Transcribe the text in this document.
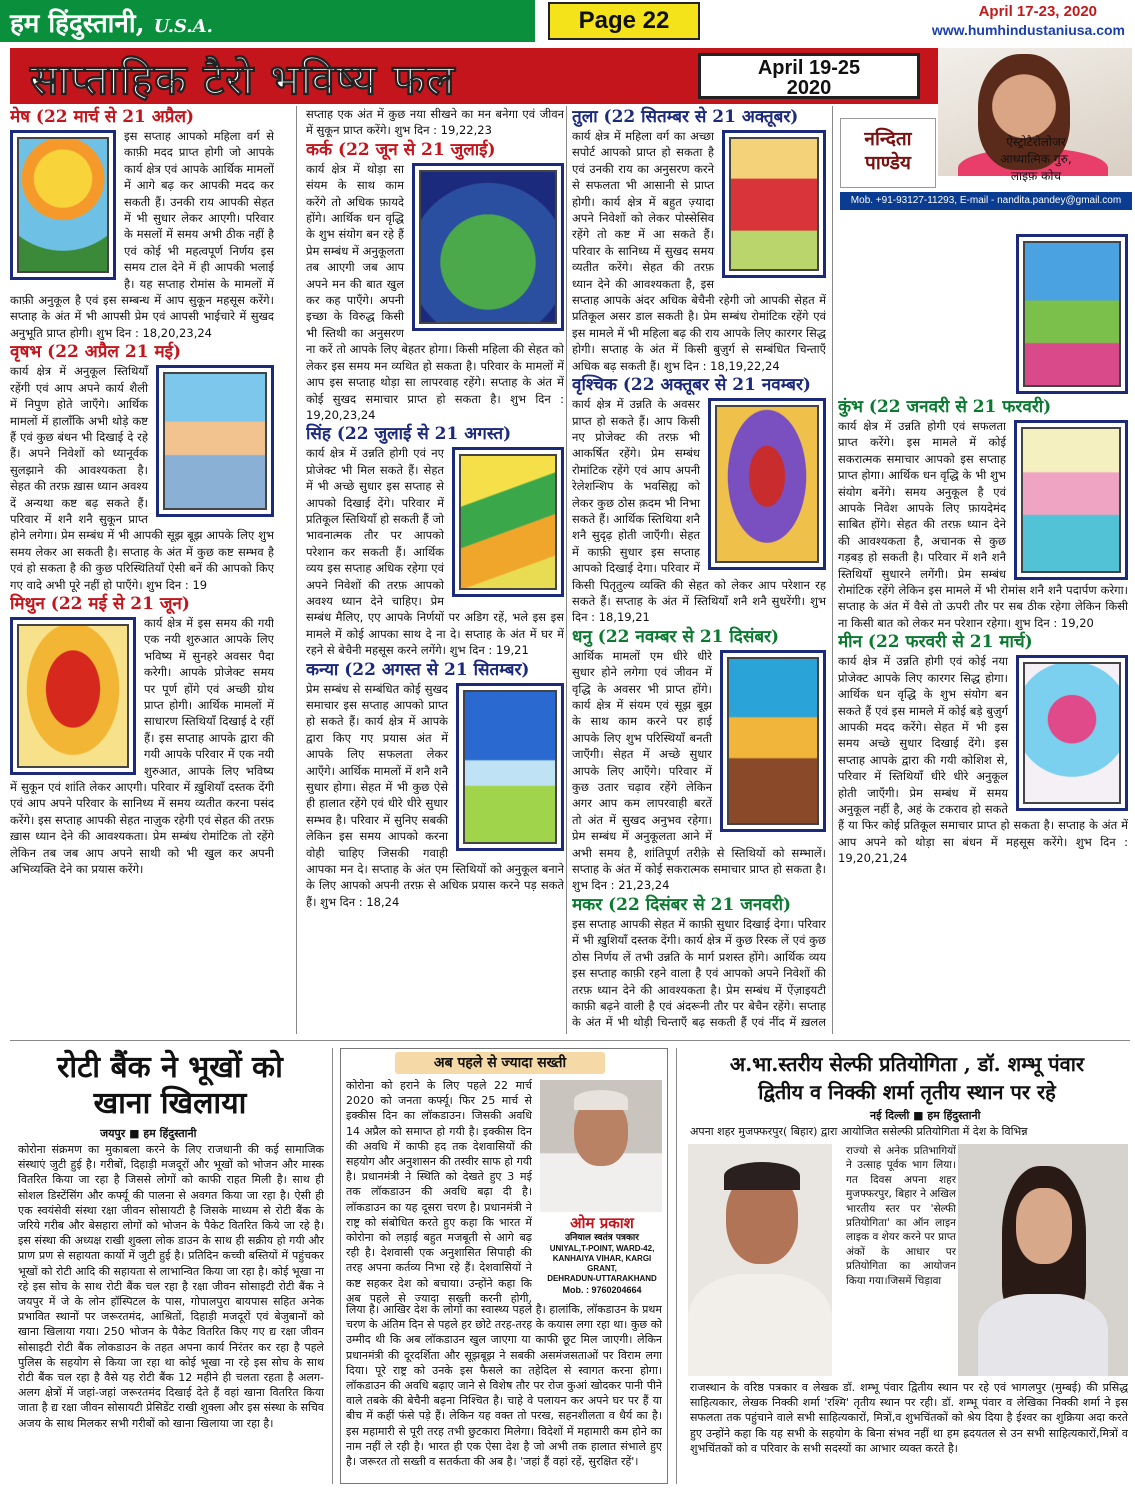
हम हिंदुस्तानी, U.S.A.	Page 22	April 17-23, 2020
www.humhindustaniusa.com
साप्ताहिक टैरो भविष्य फल	April 19-25
2020
नन्दिता
पाण्डेय
ऐस्ट्रोटैरोलोजर
आध्यात्मिक गुरु,
लाइफ़ कोच
Mob. +91-93127-11293, E-mail - nandita.pandey@gmail.com
मेष (22 मार्च से 21 अप्रैल)

इस सप्ताह आपको महिला वर्ग से काफ़ी मदद प्राप्त होगी जो आपके कार्य क्षेत्र एवं आपके आर्थिक मामलों में आगे बढ़ कर आपकी मदद कर सकती हैं। उनकी राय आपकी सेहत में भी सुधार लेकर आएगी। परिवार के मसलों में समय अभी ठीक नहीं है एवं कोई भी महत्वपूर्ण निर्णय इस समय टाल देने में ही आपकी भलाई है। यह सप्ताह रोमांस के मामलों में काफ़ी अनुकूल है एवं इस सम्बन्ध में आप सुकून महसूस करेंगे। सप्ताह के अंत में भी आपसी प्रेम एवं आपसी भाईचारे में सुखद अनुभूति प्राप्त होगी। शुभ दिन : 18,20,23,24

वृषभ (22 अप्रैल 21 मई)

कार्य क्षेत्र में अनुकूल स्तिथियाँ रहेंगी एवं आप अपने कार्य शैली में निपुण होते जाएँगे। आर्थिक मामलों में हालाँकि अभी थोड़े कष्ट हैं एवं कुछ बंधन भी दिखाई दे रहे हैं। अपने निवेशों को ध्यानूर्वक सुलझाने की आवश्यकता है। सेहत की तरफ़ ख़ास ध्यान अवश्य दें अन्यथा कष्ट बढ़ सकते हैं। परिवार में शनै शनै सुकून प्राप्त होने लगेगा। प्रेम सम्बंध में भी आपकी सूझ बूझ आपके लिए शुभ समय लेकर आ सकती है। सप्ताह के अंत में कुछ कष्ट सम्भव है एवं हो सकता है की कुछ परिस्थितियाँ ऐसी बनें की आपको किए गए वादे अभी पूरे नहीं हो पाएँगे। शुभ दिन : 19

मिथुन (22 मई से 21 जून)

कार्य क्षेत्र में इस समय की गयी एक नयी शुरुआत आपके लिए भविष्य में सुनहरे अवसर पैदा करेगी। आपके प्रोजेक्ट समय पर पूर्ण होंगे एवं अच्छी ग्रोथ प्राप्त होगी। आर्थिक मामलों में साधारण स्तिथियाँ दिखाई दे रहीं हैं। इस सप्ताह आपके द्वारा की गयी आपके परिवार में एक नयी शुरुआत, आपके लिए भविष्य में सुकून एवं शांति लेकर आएगी। परिवार में ख़ुशियाँ दस्तक देंगी एवं आप अपने परिवार के सानिध्य में समय व्यतीत करना पसंद करेंगे। इस सप्ताह आपकी सेहत नाज़ुक रहेगी एवं सेहत की तरफ़ ख़ास ध्यान देने की आवश्यकता। प्रेम सम्बंध रोमांटिक तो रहेंगे लेकिन तब जब आप अपने साथी को भी खुल कर अपनी अभिव्यक्ति देने का प्रयास करेंगे।

सप्ताह एक अंत में कुछ नया सीखने का मन बनेगा एवं जीवन में सुकून प्राप्त करेंगे। शुभ दिन : 19,22,23

कर्क (22 जून से 21 जुलाई)

कार्य क्षेत्र में थोड़ा सा संयम के साथ काम करेंगे तो अधिक फ़ायदे होंगे। आर्थिक धन वृद्धि के शुभ संयोग बन रहे हैं प्रेम सम्बंध में अनुकूलता तब आएगी जब आप अपने मन की बात खुल कर कह पाएँगे। अपनी इच्छा के विरुद्ध किसी भी स्तिथी का अनुसरण ना करें तो आपके लिए बेहतर होगा। किसी महिला की सेहत को लेकर इस समय मन व्यथित हो सकता है। परिवार के मामलों में आप इस सप्ताह थोड़ा सा लापरवाह रहेंगे। सप्ताह के अंत में कोई सुखद समाचार प्राप्त हो सकता है। शुभ दिन : 19,20,23,24

सिंह (22 जुलाई से 21 अगस्त)

कार्य क्षेत्र में उन्नति होगी एवं नए प्रोजेक्ट भी मिल सकते हैं। सेहत में भी अच्छे सुधार इस सप्ताह से आपको दिखाई देंगे। परिवार में प्रतिकूल स्तिथियाँ हो सकती हैं जो भावनात्मक तौर पर आपको परेशान कर सकती हैं। आर्थिक व्यय इस सप्ताह अधिक रहेगा एवं अपने निवेशों की तरफ़ आपको अवश्य ध्यान देने चाहिए। प्रेम सम्बंध मैलिए, एए आपके निर्णयों पर अडिग रहें, भले इस इस मामले में कोई आपका साथ दे ना दे। सप्ताह के अंत में घर में रहने से बेचैनी महसूस करने लगेंगे। शुभ दिन : 19,21

कन्या (22 अगस्त से 21 सितम्बर)

प्रेम सम्बंध से सम्बंधित कोई सुखद समाचार इस सप्ताह आपको प्राप्त हो सकते हैं। कार्य क्षेत्र में आपके द्वारा किए गए प्रयास अंत में आपके लिए सफलता लेकर आएँगे। आर्थिक मामलों में शनै शनै सुधार होगा। सेहत में भी कुछ ऐसे ही हालात रहेंगे एवं धीरे धीरे सुधार सम्भव है। परिवार में सुनिए सबकी लेकिन इस समय आपको करना वोही चाहिए जिसकी गवाही आपका मन दे। सप्ताह के अंत एम स्तिथियों को अनुकूल बनाने के लिए आपको अपनी तरफ़ से अधिक प्रयास करने पड़ सकते हैं। शुभ दिन : 18,24

तुला (22 सितम्बर से 21 अक्तूबर)

कार्य क्षेत्र में महिला वर्ग का अच्छा सपोर्ट आपको प्राप्त हो सकता है एवं उनकी राय का अनुसरण करने से सफलता भी आसानी से प्राप्त होगी। कार्य क्षेत्र में बहुत ज़्यादा अपने निवेशों को लेकर पोस्सेसिव रहेंगे तो कष्ट में आ सकते हैं। परिवार के सानिध्य में सुखद समय व्यतीत करेंगे। सेहत की तरफ़ ध्यान देने की आवश्यकता है, इस सप्ताह आपके अंदर अधिक बेचैनी रहेगी जो आपकी सेहत में प्रतिकूल असर डाल सकती है। प्रेम सम्बंध रोमांटिक रहेंगे एवं इस मामले में भी महिला बढ़ की राय आपके लिए कारगर सिद्ध होगी। सप्ताह के अंत में किसी बुज़ुर्ग से सम्बंधित चिन्ताएँ अधिक बढ़ सकती हैं। शुभ दिन : 18,19,22,24

वृश्चिक (22 अक्तूबर से 21 नवम्बर)

कार्य क्षेत्र में उन्नति के अवसर प्राप्त हो सकते हैं। आप किसी नए प्रोजेक्ट की तरफ़ भी आकर्षित रहेंगे। प्रेम सम्बंध रोमांटिक रहेंगे एवं आप अपनी रेलेशन्शिप के भवसिह्य को लेकर कुछ ठोस क़दम भी निभा सकते हैं। आर्थिक स्तिथिया शनै शनै सुदृढ़ होती जाएँगी। सेहत में काफ़ी सुधार इस सप्ताह आपको दिखाई देगा। परिवार में किसी पितृतुल्य व्यक्ति की सेहत को लेकर आप परेशान रह सकते हैं। सप्ताह के अंत में स्तिथियाँ शनै शनै सुधरेंगी। शुभ दिन : 18,19,21

धनु (22 नवम्बर से 21 दिसंबर)

आर्थिक मामलों एम धीरे धीरे सुधार होने लगेगा एवं जीवन में वृद्धि के अवसर भी प्राप्त होंगे। कार्य क्षेत्र में संयम एवं सूझ बूझ के साथ काम करने पर हाई आपके लिए शुभ परिस्थियाँ बनती जाएँगी। सेहत में अच्छे सुधार आपके लिए आएँगे। परिवार में कुछ उतार चढ़ाव रहेंगे लेकिन अगर आप कम लापरवाही बरतें तो अंत में सुखद अनुभव रहेगा। प्रेम सम्बंध में अनुकूलता आने में अभी समय है, शांतिपूर्ण तरीक़े से स्तिथियों को सम्भालें। सप्ताह के अंत में कोई सकरात्मक समाचार प्राप्त हो सकता है। शुभ दिन : 21,23,24

मकर (22 दिसंबर से 21 जनवरी)

इस सप्ताह आपकी सेहत में काफ़ी सुधार दिखाई देगा। परिवार में भी ख़ुशियाँ दस्तक देंगी। कार्य क्षेत्र में कुछ रिस्क लें एवं कुछ ठोस निर्णय लें तभी उन्नति के मार्ग प्रशस्त होंगे। आर्थिक व्यय इस सप्ताह काफ़ी रहने वाला है एवं आपको अपने निवेशों की तरफ़ ध्यान देने की आवश्यकता है। प्रेम सम्बंध में ऐंज़ाइयटी काफ़ी बढ़ने वाली है एवं अंदरूनी तौर पर बेचैन रहेंगे। सप्ताह के अंत में भी थोड़ी चिन्ताएँ बढ़ सकती हैं एवं नींद में ख़लल

कुंभ (22 जनवरी से 21 फरवरी)

कार्य क्षेत्र में उन्नति होगी एवं सफलता प्राप्त करेंगे। इस मामले में कोई सकरात्मक समाचार आपको इस सप्ताह प्राप्त होगा। आर्थिक धन वृद्धि के भी शुभ संयोग बनेंगे। समय अनुकूल है एवं आपके निवेश आपके लिए फ़ायदेमंद साबित होंगे। सेहत की तरफ़ ध्यान देने की आवश्यकता है, अचानक से कुछ गड़बड़ हो सकती है। परिवार में शनै शनै स्तिथियाँ सुधारने लगेंगी। प्रेम सम्बंध रोमांटिक रहेंगे लेकिन इस मामले में भी रोमांस शनै शनै पदार्पण करेगा। सप्ताह के अंत में वैसे तो ऊपरी तौर पर सब ठीक रहेगा लेकिन किसी ना किसी बात को लेकर मन परेशान रहेगा। शुभ दिन : 19,20

मीन (22 फरवरी से 21 मार्च)

कार्य क्षेत्र में उन्नति होगी एवं कोई नया प्रोजेक्ट आपके लिए कारगर सिद्ध होगा। आर्थिक धन वृद्धि के शुभ संयोग बन सकते हैं एवं इस मामले में कोई बड़े बुज़ुर्ग आपकी मदद करेंगे। सेहत में भी इस समय अच्छे सुधार दिखाई देंगे। इस सप्ताह आपके द्वारा की गयी कोशिश से, परिवार में स्तिथियाँ धीरे धीरे अनुकूल होती जाएँगी। प्रेम सम्बंध में समय अनुकूल नहीं है, अहं के टकराव हो सकते हैं या फिर कोई प्रतिकूल समाचार प्राप्त हो सकता है। सप्ताह के अंत में आप अपने को थोड़ा सा बंधन में महसूस करेंगे। शुभ दिन : 19,20,21,24

रोटी बैंक ने भूखों को
खाना खिलाया
जयपुर ■ हम हिंदुस्तानी
कोरोना संक्रमण का मुकाबला करने के लिए राजधानी की कई सामाजिक संस्थाएं जुटी हुई है। गरीबों, दिहाड़ी मजदूरों और भूखों को भोजन और मास्क वितरित किया जा रहा है जिससे लोगों को काफी राहत मिली है। साथ ही सोशल डिस्टेंसिंग और कर्फ्यू की पालना से अवगत किया जा रहा है। ऐसी ही एक स्वयंसेवी संस्था रक्षा जीवन सोसायटी है जिसके माध्यम से रोटी बैंक के जरिये गरीब और बेसहारा लोगों को भोजन के पैकेट वितरित किये जा रहे है। इस संस्था की अध्यक्ष राखी शुक्ला लोक डाउन के साथ ही सक्रीय हो गयी और प्राण प्रण से सहायता कार्यो में जुटी हुई है। प्रतिदिन कच्ची बस्तियों में पहुंचकर भूखों को रोटी आदि की सहायता से लाभान्वित किया जा रहा है। कोई भूखा ना रहे इस सोच के साथ रोटी बैंक चल रहा है रक्षा जीवन सोसाइटी रोटी बैंक ने जयपुर में जे के लोन हॉस्पिटल के पास, गोपालपुरा बायपास सहित अनेक प्रभावित स्थानों पर जरूरतमंद, आश्रितों, दिहाड़ी मजदूरों एवं बेजुबानों को खाना खिलाया गया। 250 भोजन के पैकेट वितरित किए गए द्य रक्षा जीवन सोसाइटी रोटी बैंक लोकडाउन के तहत अपना कार्य निरंतर कर रहा है पहले पुलिस के सहयोग से किया जा रहा था कोई भूखा ना रहे इस सोच के साथ रोटी बैंक चल रहा है वैसे यह रोटी बैंक 12 महीने ही चलता रहता है अलग-अलग क्षेत्रों में जहां-जहां जरूरतमंद दिखाई देते हैं वहां खाना वितरित किया जाता है द्य रक्षा जीवन सोसायटी प्रेसिडेंट राखी शुक्ला और इस संस्था के सचिव अजय के साथ मिलकर सभी गरीबों को खाना खिलाया जा रहा है।
अब पहले से ज्यादा सख्ती
कोरोना को हराने के लिए पहले 22 मार्च 2020 को जनता कर्फ्यू। फिर 25 मार्च से इक्कीस दिन का लॉकडाउन। जिसकी अवधि 14 अप्रैल को समाप्त हो गयी है। इक्कीस दिन की अवधि में काफी हद तक देशवासियों की सहयोग और अनुशासन की तस्वीर साफ हो गयी है। प्रधानमंत्री ने स्थिति को देखते हुए 3 मई तक लॉकडाउन की अवधि बढ़ा दी है। लॉकडाउन का यह दूसरा चरण है। प्रधानमंत्री ने राष्ट्र को संबोधित करते हुए कहा कि भारत में कोरोना को लड़ाई बहुत मजबूती से आगे बढ़ रही है। देशवासी एक अनुशासित सिपाही की तरह अपना कर्तव्य निभा रहे हैं। देशवासियों ने कष्ट सहकर देश को बचाया। उन्होंने कहा कि अब पहले से ज्यादा सख्ती करनी होगी,
ओम प्रकाश
उनियाल स्वतंत्र पत्रकार
UNIYAL,T-POINT, WARD-42,
KANHAIYA VIHAR, KARGI GRANT,
DEHRADUN-UTTARAKHAND
Mob. : 9760204664
लिया है। आखिर देश के लोगों का स्वास्थ्य पहले है। हालांकि, लॉकडाउन के प्रथम चरण के अंतिम दिन से पहले हर छोटे तरह-तरह के कयास लगा रहा था। कुछ को उम्मीद थी कि अब लॉकडाउन खुल जाएगा या काफी छूट मिल जाएगी। लेकिन प्रधानमंत्री की दूरदर्शिता और सूझबूझ ने सबकी असमंजसताओं पर विराम लगा दिया। पूरे राष्ट्र को उनके इस फैसले का तहेदिल से स्वागत करना होगा। लॉकडाउन की अवधि बढ़ाए जाने से विशेष तौर पर रोज कुआं खोदकर पानी पीने वाले तबके की बेचैनी बढ़ना निश्चित है। चाहे वे पलायन कर अपने घर पर हैं या बीच में कहीं फंसे पड़े हैं। लेकिन यह वक्त तो परख, सहनशीलता व धैर्य का है। इस महामारी से पूरी तरह तभी छुटकारा मिलेगा। विदेशों में महामारी कम होने का नाम नहीं ले रही है। भारत ही एक ऐसा देश है जो अभी तक हालात संभाले हुए है। जरूरत तो सख्ती व सतर्कता की अब है। 'जहां हैं वहां रहें, सुरक्षित रहें'।
अ.भा.स्तरीय सेल्फी प्रतियोगिता , डॉ. शम्भू पंवार
द्वितीय व निक्की शर्मा तृतीय स्थान पर रहे
नई दिल्ली ■ हम हिंदुस्तानी
अपना शहर मुजफ्फरपुर( बिहार) द्वारा आयोजित ससेल्फी प्रतियोगिता में देश के विभिन्न
राज्यो से अनेक प्रतिभागियों ने उत्साह पूर्वक भाग लिया। गत दिवस अपना शहर मुजफ्फरपुर, बिहार ने अखिल भारतीय स्तर पर 'सेल्फी प्रतियोगिता' का ऑन लाइन लाइक व शेयर करने पर प्राप्त अंकों के आधार पर प्रतियोगिता का आयोजन किया गया।जिसमें चिड़ावा
राजस्थान के वरिष्ठ पत्रकार व लेखक डॉ. शम्भू पंवार द्वितीय स्थान पर रहे एवं भागलपुर (मुम्बई) की प्रसिद्ध साहित्यकार, लेखक निक्की शर्मा 'रश्मि' तृतीय स्थान पर रही। डॉ. शम्भू पंवार व लेखिका निक्की शर्मा ने इस सफलता तक पहुंचाने वाले सभी साहित्यकारों, मित्रों,व शुभचिंतकों को श्रेय दिया है ईश्वर का शुक्रिया अदा करते हुए उन्होंने कहा कि यह सभी के सहयोग के बिना संभव नहीं था हम ह्रदयतल से उन सभी साहित्यकारों,मित्रों व शुभचिंतकों को व परिवार के सभी सदस्यों का आभार व्यक्त करते है।
